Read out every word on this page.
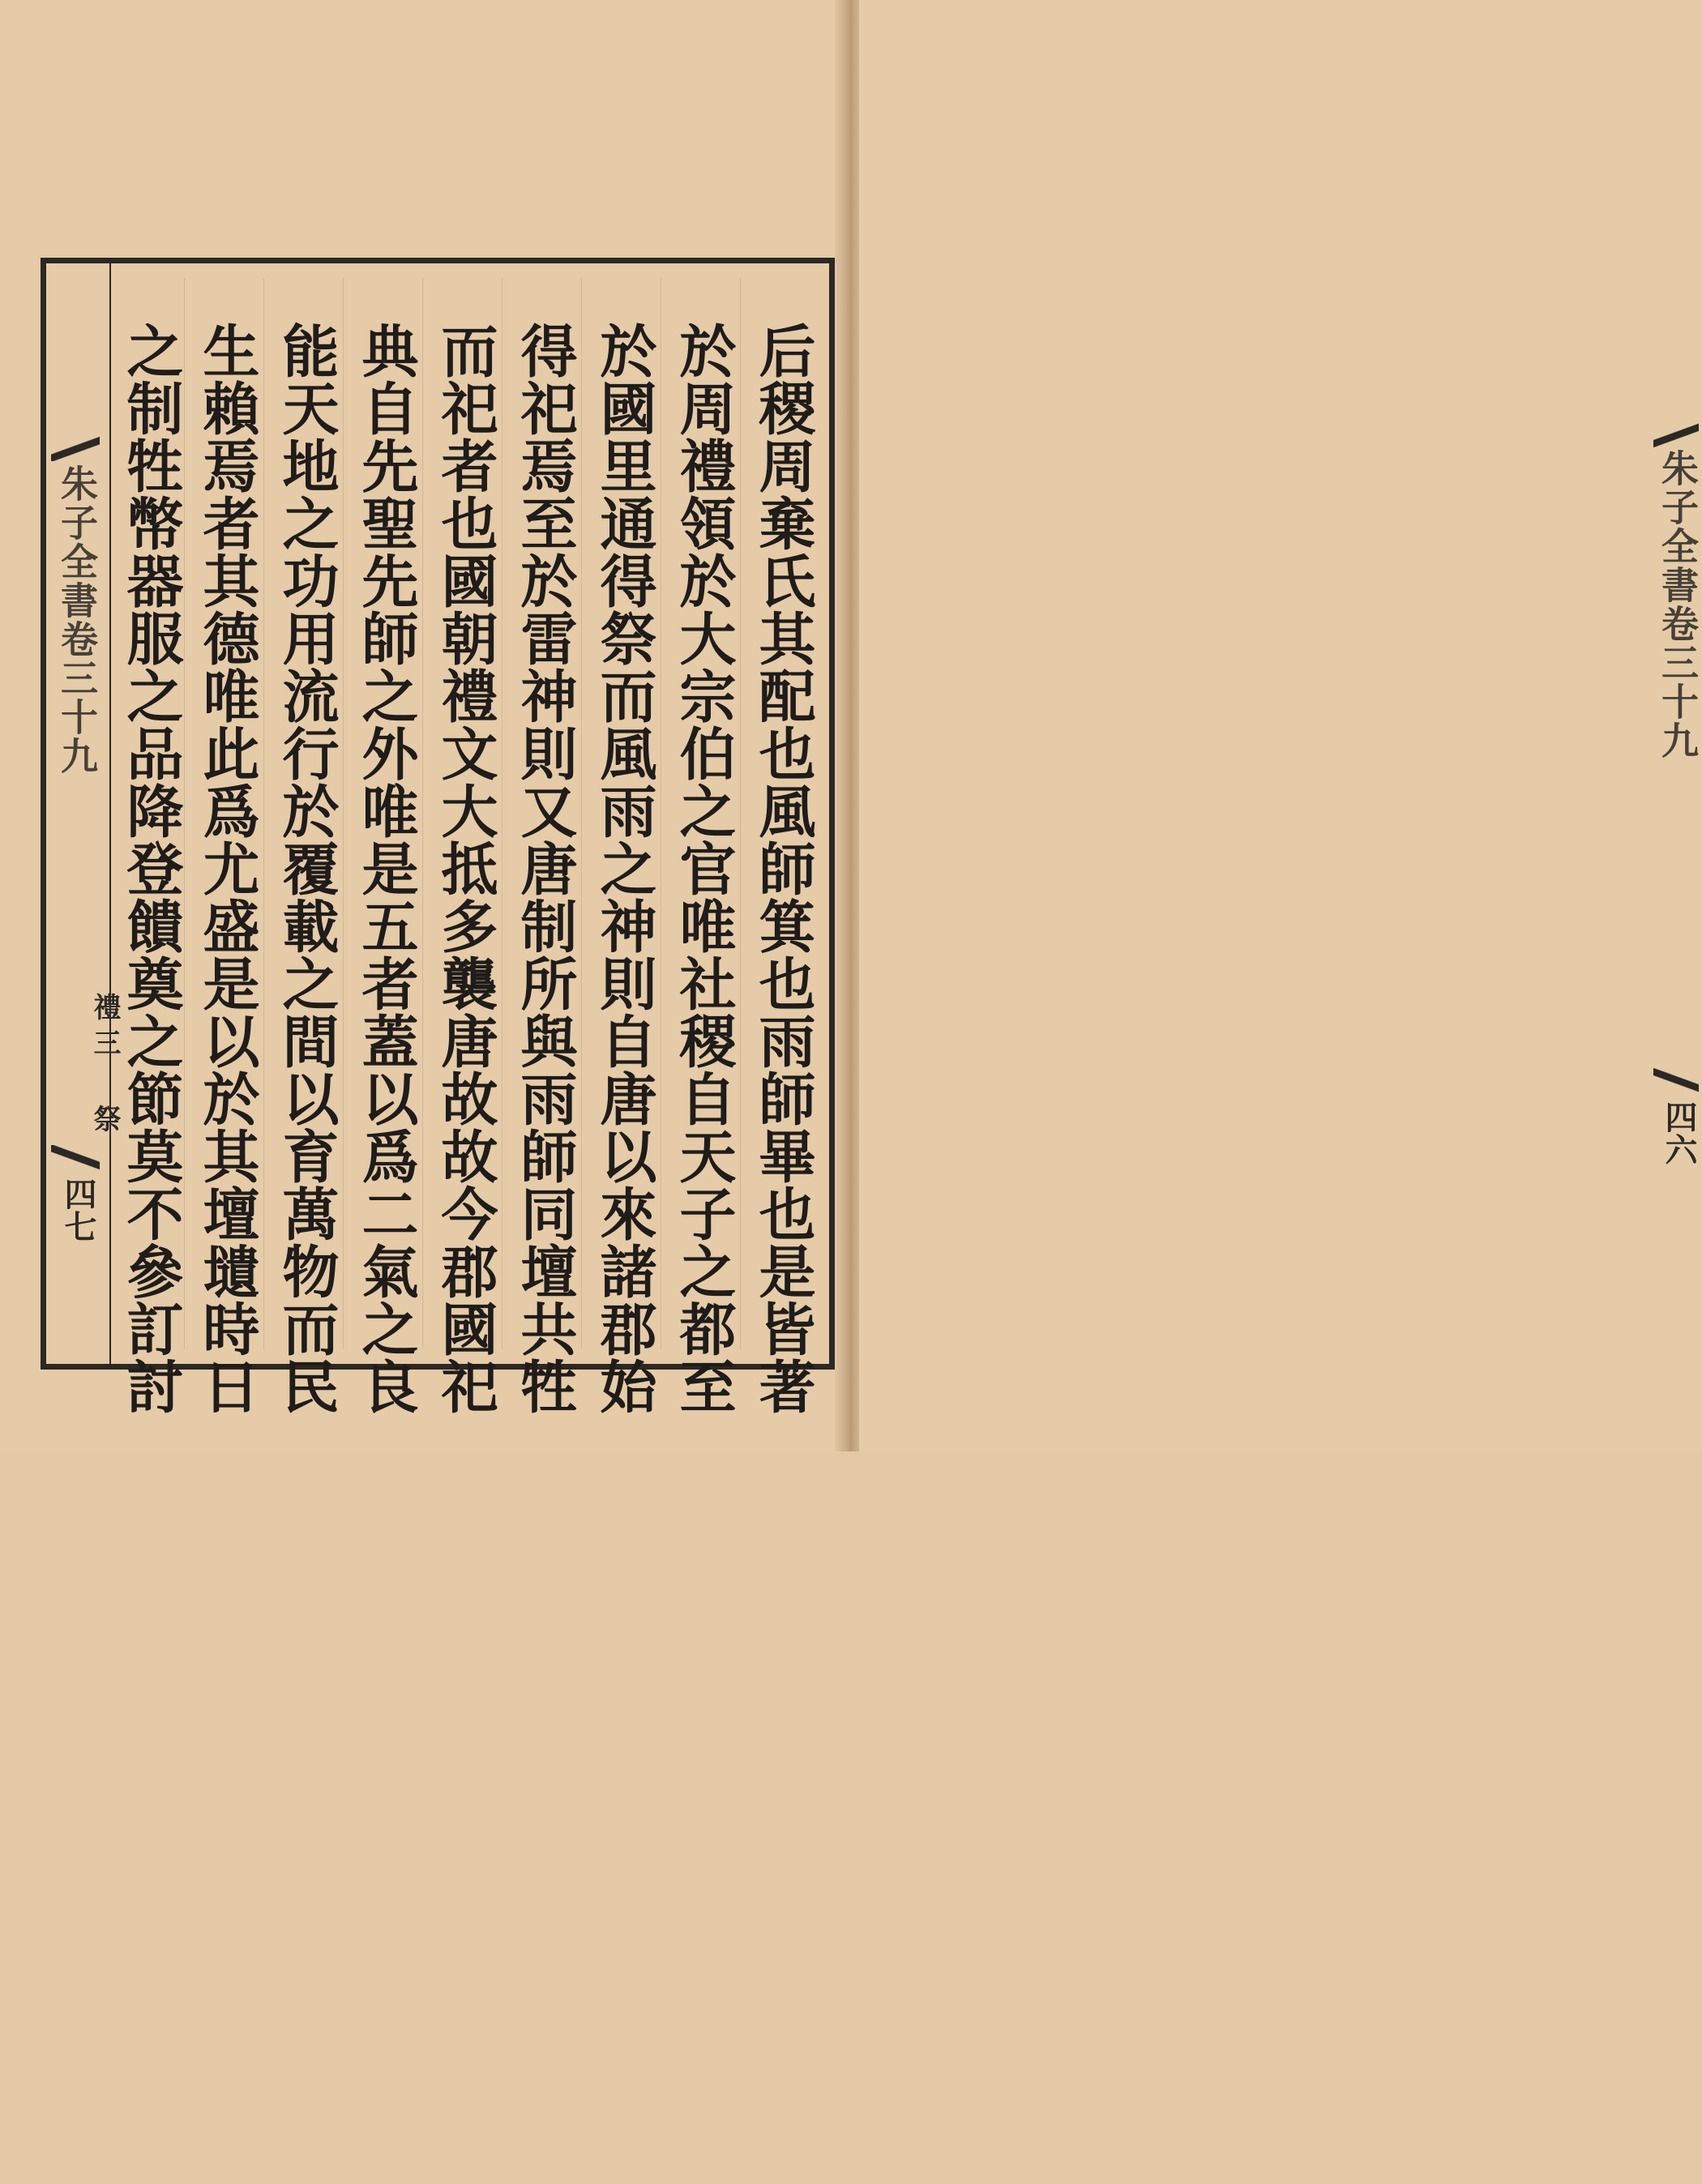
朱子全書卷三十九
禮三 祭
四七	后稷周棄氏其配也風師箕也雨師畢也是皆著
於周禮領於大宗伯之官唯社稷自天子之都至
於國里通得祭而風雨之神則自唐以來諸郡始
得祀焉至於雷神則又唐制所與雨師同壇共牲
而祀者也國朝禮文大抵多襲唐故故今郡國祀
典自先聖先師之外唯是五者蓋以爲二氣之良
能天地之功用流行於覆載之間以育萬物而民
生賴焉者其德唯此爲尤盛是以於其壇壝時日
之制牲幣器服之品降登饋奠之節莫不參訂討	朱子全書卷三十九
四六
